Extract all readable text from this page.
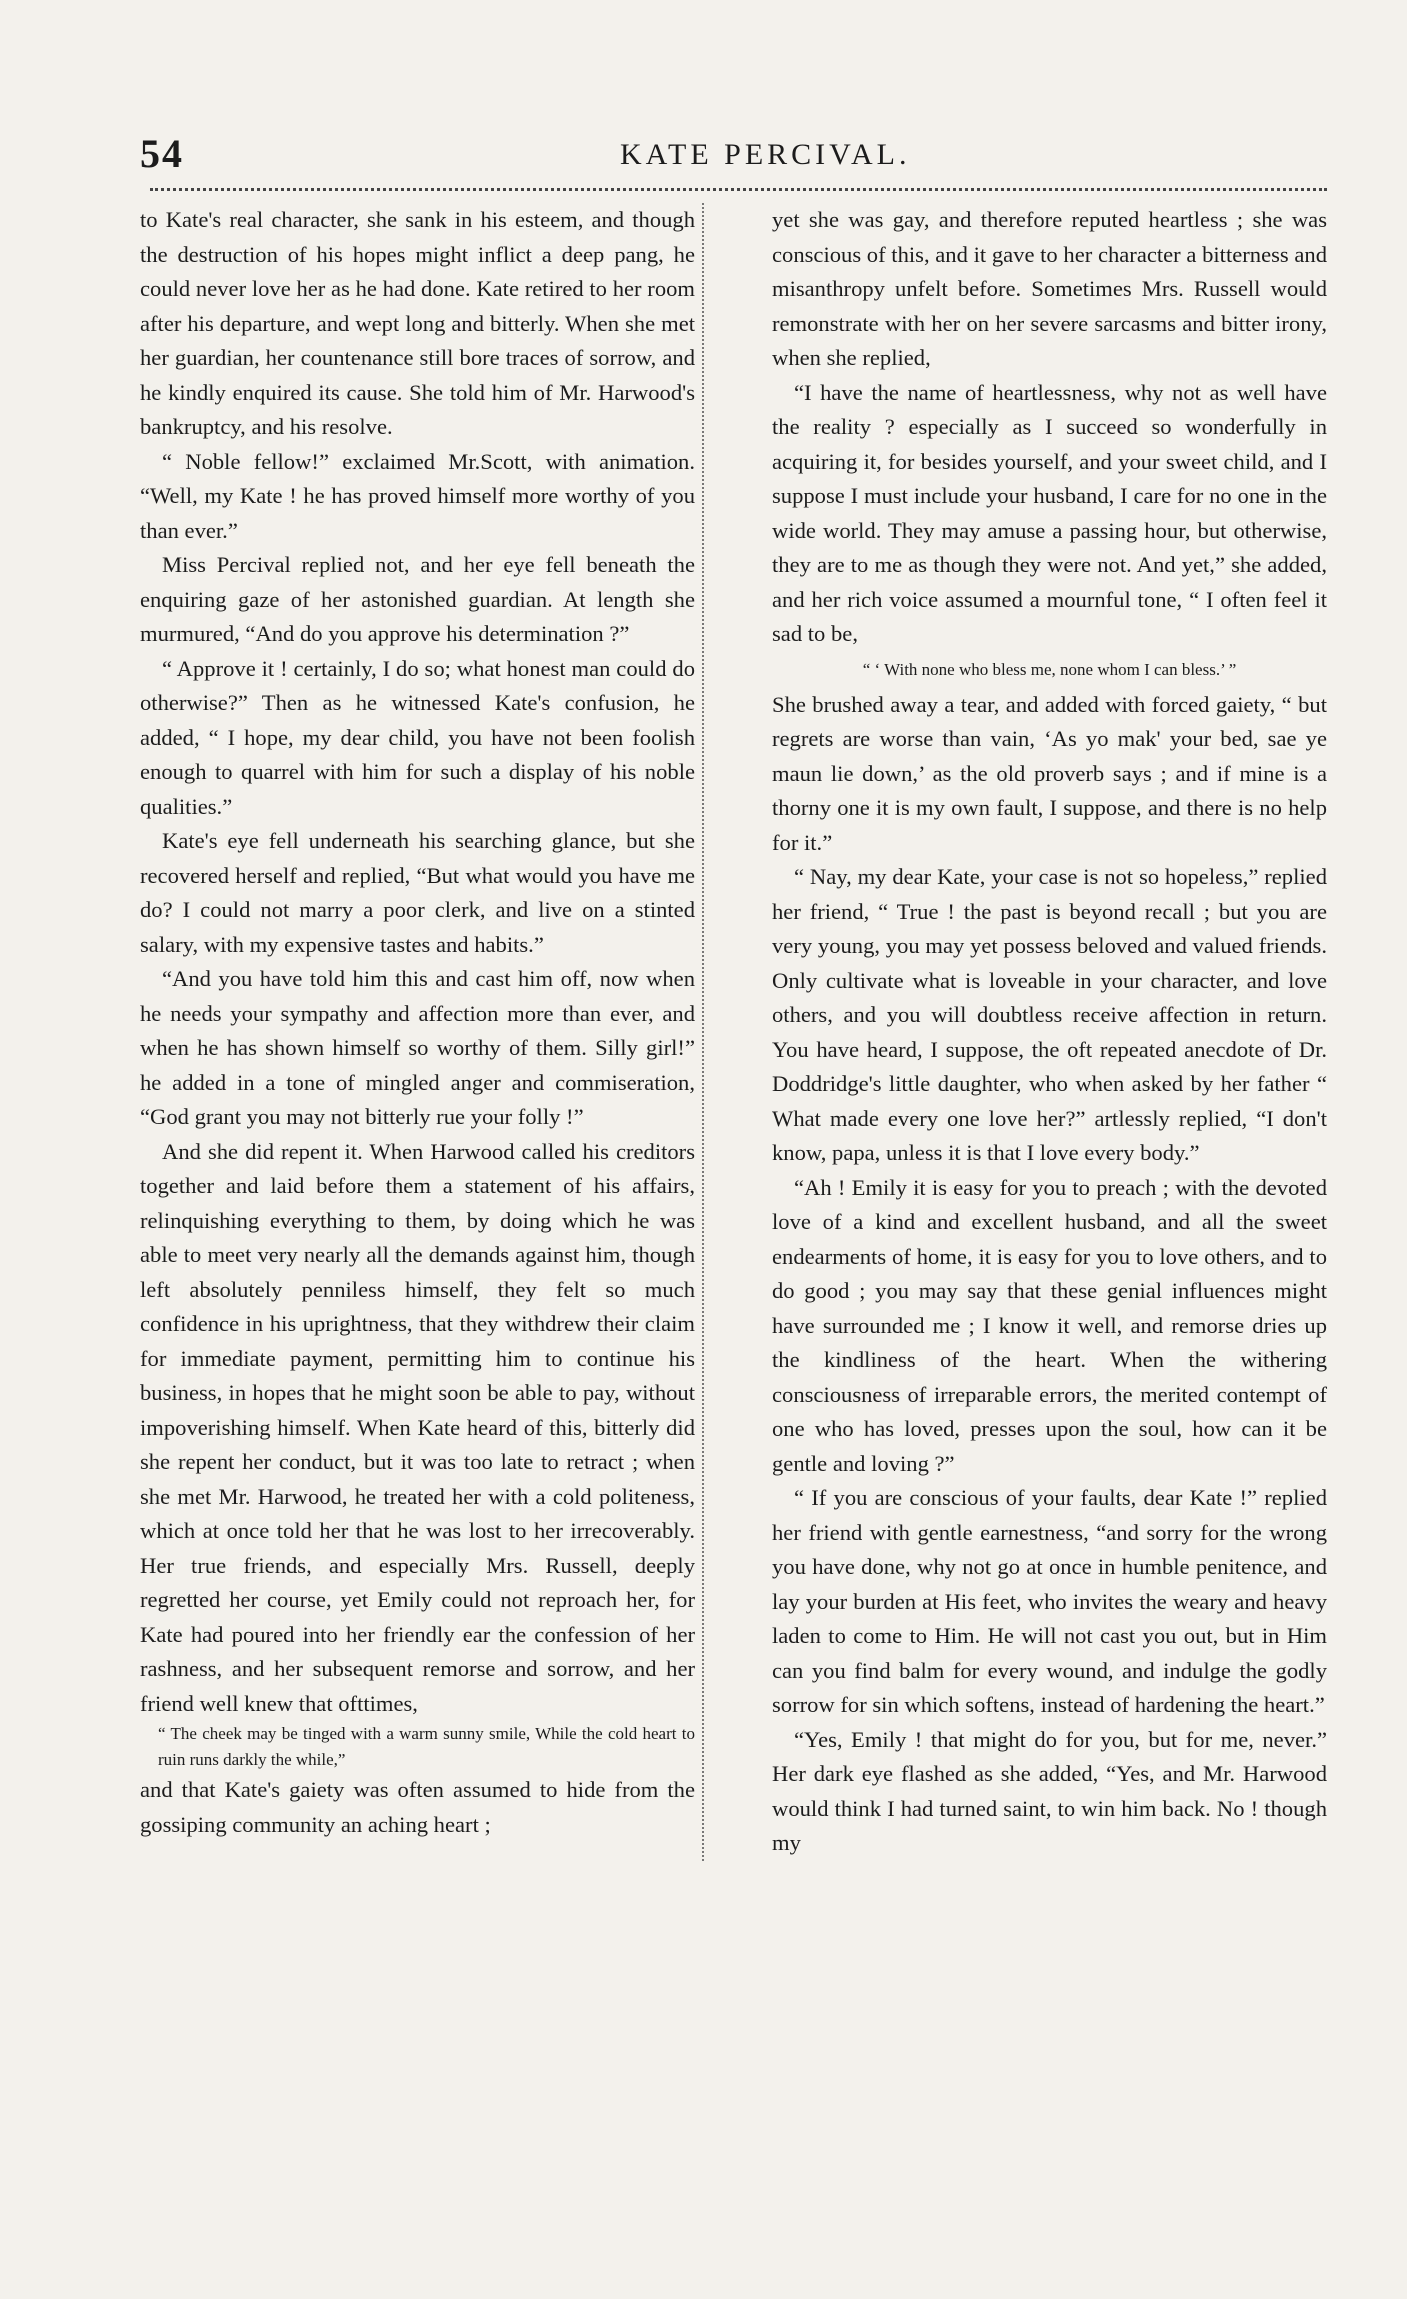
54	KATE PERCIVAL.

to Kate's real character, she sank in his esteem, and though the destruction of his hopes might inflict a deep pang, he could never love her as he had done. Kate retired to her room after his departure, and wept long and bitterly. When she met her guardian, her countenance still bore traces of sorrow, and he kindly enquired its cause. She told him of Mr. Harwood's bankruptcy, and his resolve.

“ Noble fellow!” exclaimed Mr.Scott, with animation. “Well, my Kate ! he has proved himself more worthy of you than ever.”

Miss Percival replied not, and her eye fell beneath the enquiring gaze of her astonished guardian. At length she murmured, “And do you approve his determination ?”

“ Approve it ! certainly, I do so; what honest man could do otherwise?” Then as he witnessed Kate's confusion, he added, “ I hope, my dear child, you have not been foolish enough to quarrel with him for such a display of his noble qualities.”

Kate's eye fell underneath his searching glance, but she recovered herself and replied, “But what would you have me do? I could not marry a poor clerk, and live on a stinted salary, with my expensive tastes and habits.”

“And you have told him this and cast him off, now when he needs your sympathy and affection more than ever, and when he has shown himself so worthy of them. Silly girl!” he added in a tone of mingled anger and commiseration, “God grant you may not bitterly rue your folly !”

And she did repent it. When Harwood called his creditors together and laid before them a statement of his affairs, relinquishing everything to them, by doing which he was able to meet very nearly all the demands against him, though left absolutely penniless himself, they felt so much confidence in his uprightness, that they withdrew their claim for immediate payment, permitting him to continue his business, in hopes that he might soon be able to pay, without impoverishing himself. When Kate heard of this, bitterly did she repent her conduct, but it was too late to retract ; when she met Mr. Harwood, he treated her with a cold politeness, which at once told her that he was lost to her irrecoverably. Her true friends, and especially Mrs. Russell, deeply regretted her course, yet Emily could not reproach her, for Kate had poured into her friendly ear the confession of her rashness, and her subsequent remorse and sorrow, and her friend well knew that ofttimes,

“ The cheek may be tinged with a warm sunny smile, While the cold heart to ruin runs darkly the while,”

and that Kate's gaiety was often assumed to hide from the gossiping community an aching heart ;

yet she was gay, and therefore reputed heartless ; she was conscious of this, and it gave to her character a bitterness and misanthropy unfelt before. Sometimes Mrs. Russell would remonstrate with her on her severe sarcasms and bitter irony, when she replied,

“I have the name of heartlessness, why not as well have the reality ? especially as I succeed so wonderfully in acquiring it, for besides yourself, and your sweet child, and I suppose I must include your husband, I care for no one in the wide world. They may amuse a passing hour, but otherwise, they are to me as though they were not. And yet,” she added, and her rich voice assumed a mournful tone, “ I often feel it sad to be,

“ ‘ With none who bless me, none whom I can bless.’ ”

She brushed away a tear, and added with forced gaiety, “ but regrets are worse than vain, ‘As yo mak' your bed, sae ye maun lie down,’ as the old proverb says ; and if mine is a thorny one it is my own fault, I suppose, and there is no help for it.”

“ Nay, my dear Kate, your case is not so hopeless,” replied her friend, “ True ! the past is beyond recall ; but you are very young, you may yet possess beloved and valued friends. Only cultivate what is loveable in your character, and love others, and you will doubtless receive affection in return. You have heard, I suppose, the oft repeated anecdote of Dr. Doddridge's little daughter, who when asked by her father “ What made every one love her?” artlessly replied, “I don't know, papa, unless it is that I love every body.”

“Ah ! Emily it is easy for you to preach ; with the devoted love of a kind and excellent husband, and all the sweet endearments of home, it is easy for you to love others, and to do good ; you may say that these genial influences might have surrounded me ; I know it well, and remorse dries up the kindliness of the heart. When the withering consciousness of irreparable errors, the merited contempt of one who has loved, presses upon the soul, how can it be gentle and loving ?”

“ If you are conscious of your faults, dear Kate !” replied her friend with gentle earnestness, “and sorry for the wrong you have done, why not go at once in humble penitence, and lay your burden at His feet, who invites the weary and heavy laden to come to Him. He will not cast you out, but in Him can you find balm for every wound, and indulge the godly sorrow for sin which softens, instead of hardening the heart.”

“Yes, Emily ! that might do for you, but for me, never.” Her dark eye flashed as she added, “Yes, and Mr. Harwood would think I had turned saint, to win him back. No ! though my
